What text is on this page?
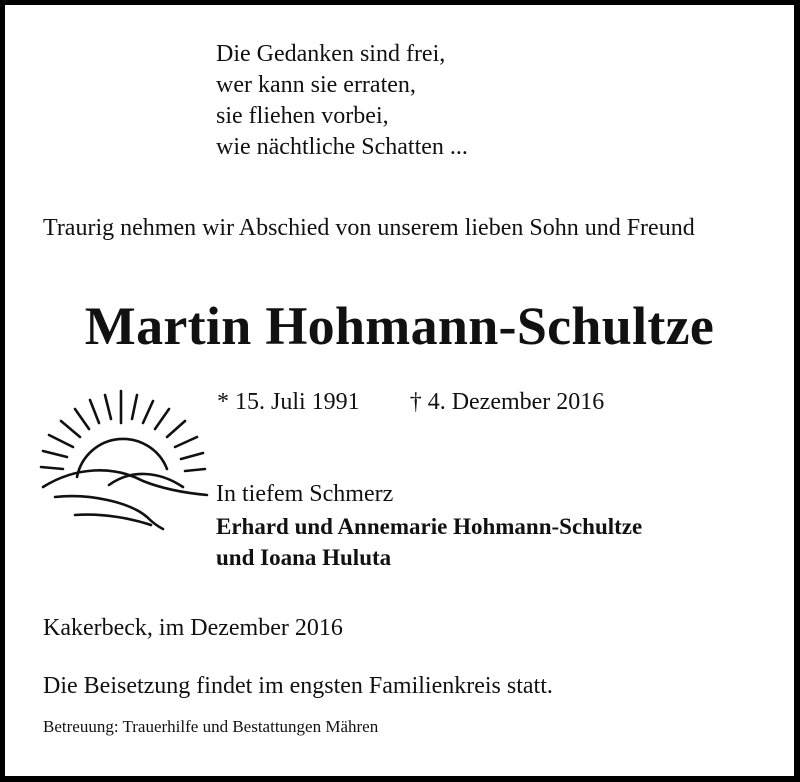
Die Gedanken sind frei,
wer kann sie erraten,
sie fliehen vorbei,
wie nächtliche Schatten ...

Traurig nehmen wir Abschied von unserem lieben Sohn und Freund

Martin Hohmann-Schultze
* 15. Juli 1991 † 4. Dezember 2016
In tiefem Schmerz
Erhard und Annemarie Hohmann-Schultze
und Ioana Huluta
Kakerbeck, im Dezember 2016
Die Beisetzung findet im engsten Familienkreis statt.
Betreuung: Trauerhilfe und Bestattungen Mähren
